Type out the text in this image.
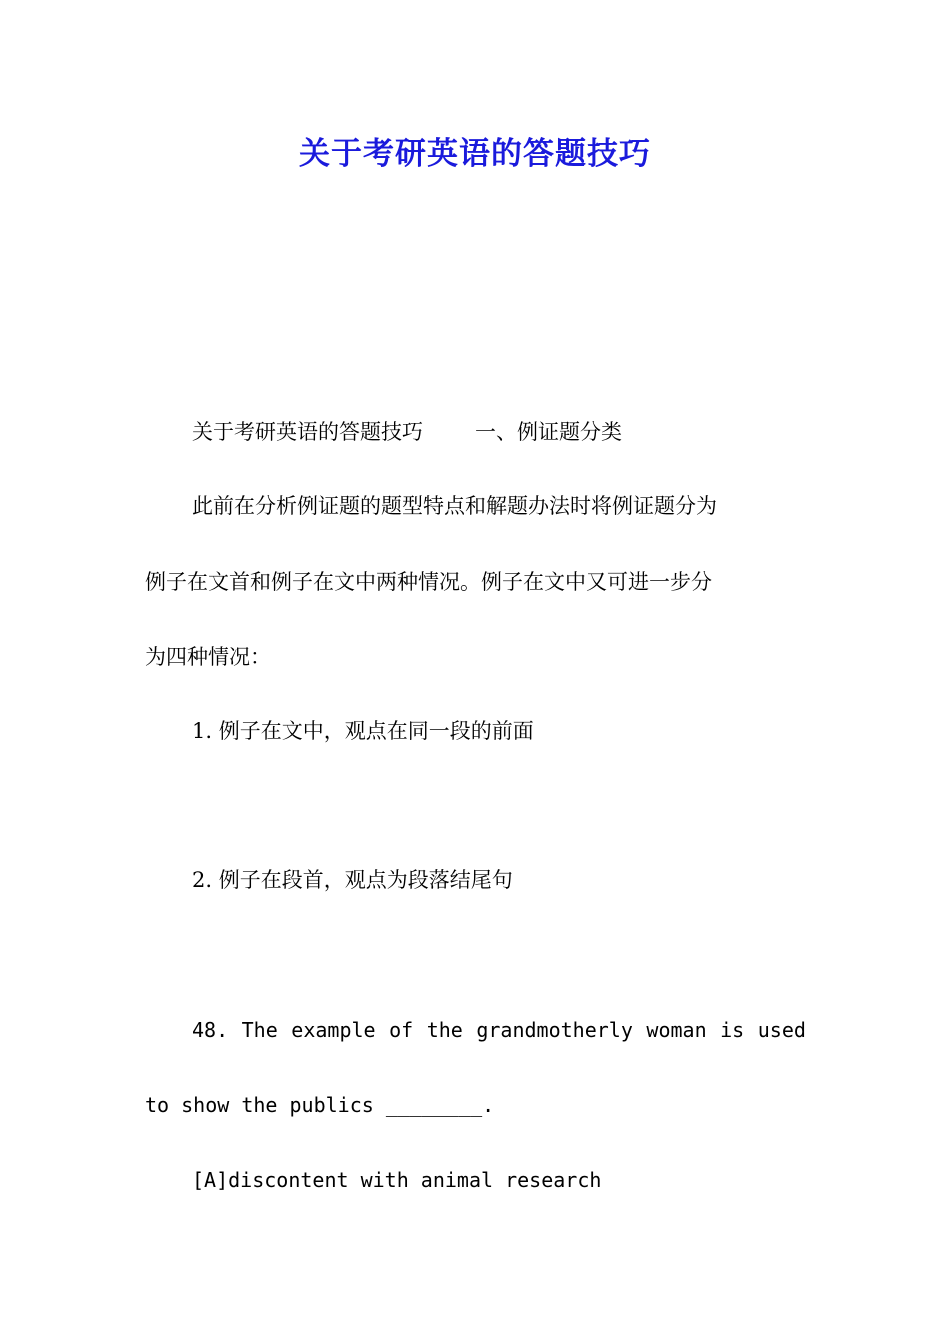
关于考研英语的答题技巧
关于考研英语的答题技巧 一、例证题分类
此前在分析例证题的题型特点和解题办法时将例证题分为
例子在文首和例子在文中两种情况。例子在文中又可进一步分
为四种情况：
1. 例子在文中，观点在同一段的前面
2. 例子在段首，观点为段落结尾句
48. The example of the grandmotherly woman is used
to show the publics ________.
[A]discontent with animal research
